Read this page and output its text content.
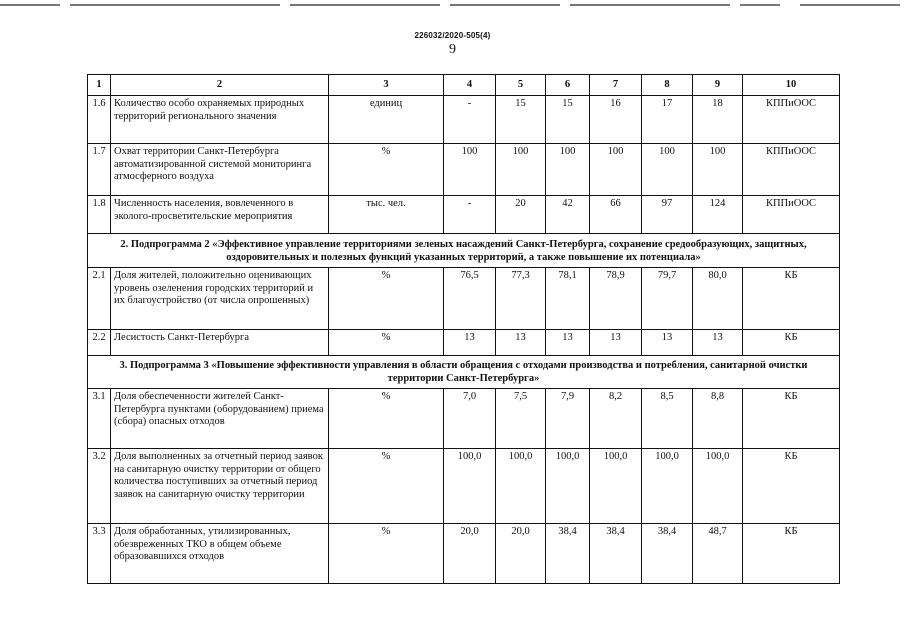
226032/2020-505(4)
9
1	2	3	4	5	6	7	8	9	10
1.6	Количество особо охраняемых природных территорий регионального значения	единиц	-	15	15	16	17	18	КППиООС
1.7	Охват территории Санкт-Петербурга автоматизированной системой мониторинга атмосферного воздуха	%	100	100	100	100	100	100	КППиООС
1.8	Численность населения, вовлеченного в эколого-просветительские мероприятия	тыс. чел.	-	20	42	66	97	124	КППиООС
2. Подпрограмма 2 «Эффективное управление территориями зеленых насаждений Санкт-Петербурга, сохранение средообразующих, защитных, оздоровительных и полезных функций указанных территорий, а также повышение их потенциала»									
2.1	Доля жителей, положительно оценивающих уровень озеленения городских территорий и их благоустройство (от числа опрошенных)	%	76,5	77,3	78,1	78,9	79,7	80,0	КБ
2.2	Лесистость Санкт-Петербурга	%	13	13	13	13	13	13	КБ
3. Подпрограмма 3 «Повышение эффективности управления в области обращения с отходами производства и потребления, санитарной очистки территории Санкт-Петербурга»									
3.1	Доля обеспеченности жителей Санкт-Петербурга пунктами (оборудованием) приема (сбора) опасных отходов	%	7,0	7,5	7,9	8,2	8,5	8,8	КБ
3.2	Доля выполненных за отчетный период заявок на санитарную очистку территории от общего количества поступивших за отчетный период заявок на санитарную очистку территории	%	100,0	100,0	100,0	100,0	100,0	100,0	КБ
3.3	Доля обработанных, утилизированных, обезвреженных ТКО в общем объеме образовавшихся отходов	%	20,0	20,0	38,4	38,4	38,4	48,7	КБ
